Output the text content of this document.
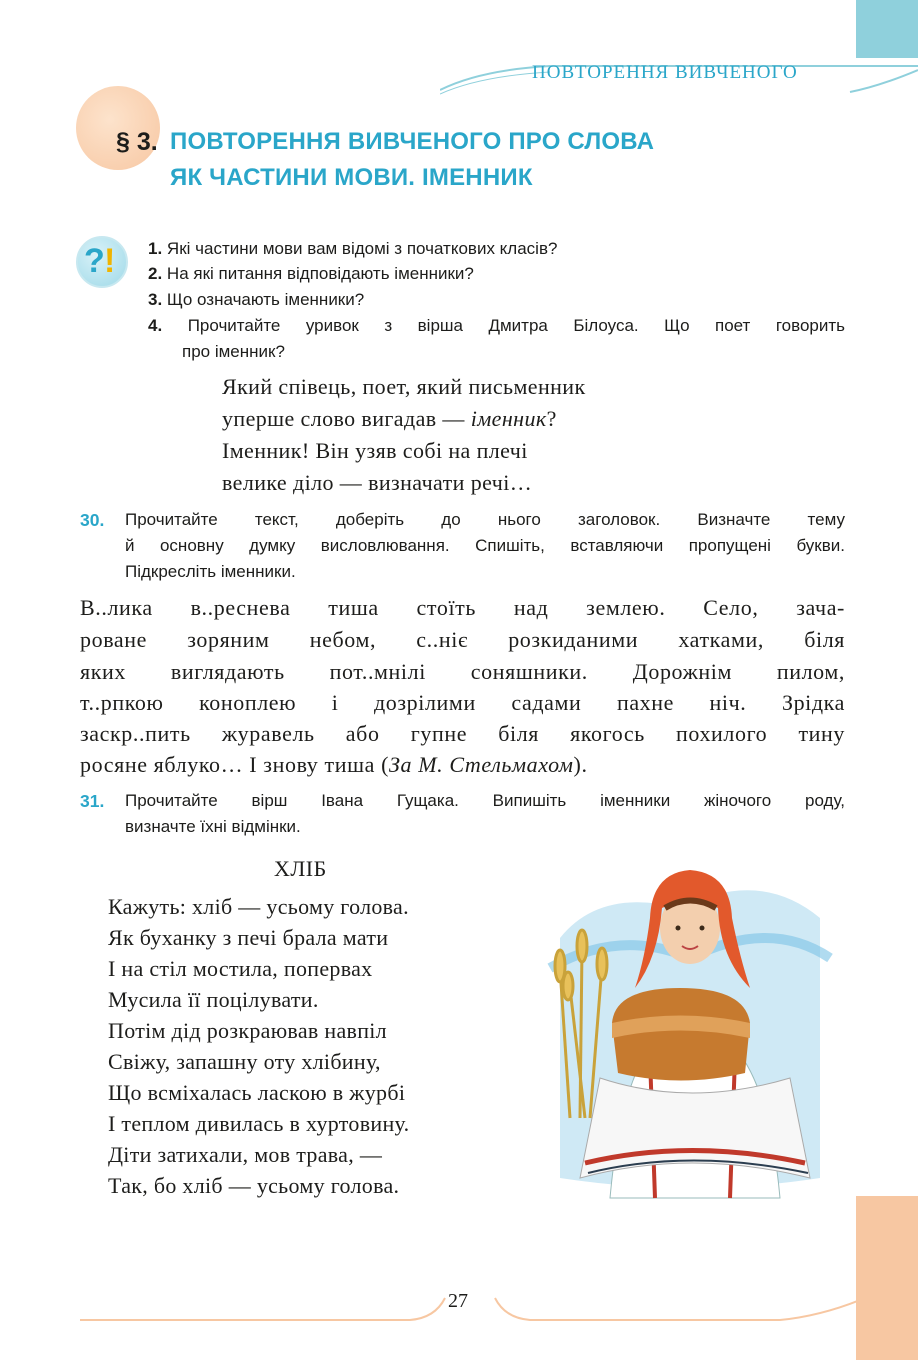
ПОВТОРЕННЯ ВИВЧЕНОГО
§ 3. ПОВТОРЕННЯ ВИВЧЕНОГО ПРО СЛОВА
ЯК ЧАСТИНИ МОВИ. ІМЕННИК
? ! 1. Які частини мови вам відомі з початкових класів?
2. На які питання відповідають іменники?
3. Що означають іменники?
4. Прочитайте уривок з вірша Дмитра Білоуса. Що поет говорить
про іменник?
Який співець, поет, який письменник
уперше слово вигадав — іменник?
Іменник! Він узяв собі на плечі
велике діло — визначати речі…
30. Прочитайте текст, доберіть до нього заголовок. Визначте тему
й основну думку висловлювання. Спишіть, вставляючи пропущені букви.
Підкресліть іменники.
В..лика в..реснева тиша стоїть над землею. Село, зача-
роване зоряним небом, с..ніє розкиданими хатками, біля
яких виглядають пот..мнілі соняшники. Дорожнім пилом,
т..рпкою коноплею і дозрілими садами пахне ніч. Зрідка
заскр..пить журавель або гупне біля якогось похилого тину
росяне яблуко… І знову тиша (За М. Стельмахом).
31. Прочитайте вірш Івана Гущака. Випишіть іменники жіночого роду,
визначте їхні відмінки.
ХЛІБ
Кажуть: хліб — усьому голова.
Як буханку з печі брала мати
І на стіл мостила, попервах
Мусила її поцілувати.
Потім дід розкраював навпіл
Свіжу, запашну оту хлібину,
Що всміхалась ласкою в журбі
І теплом дивилась в хуртовину.
Діти затихали, мов трава, —
Так, бо хліб — усьому голова.
27
